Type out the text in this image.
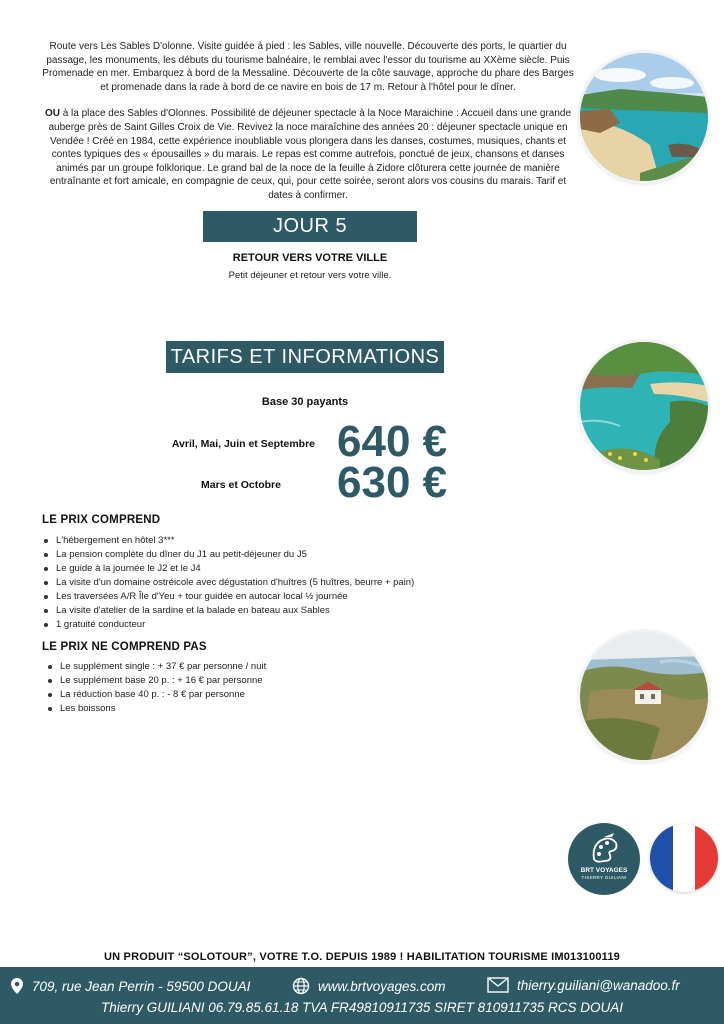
Route vers Les Sables D'olonne. Visite guidée à pied : les Sables, ville nouvelle. Découverte des ports, le quartier du passage, les monuments, les débuts du tourisme balnéaire, le remblai avec l'essor du tourisme au XXème siècle. Puis Promenade en mer. Embarquez à bord de la Messaline. Découverte de la côte sauvage, approche du phare des Barges et promenade dans la rade à bord de ce navire en bois de 17 m. Retour à l'hôtel pour le dîner.

OU à la place des Sables d'Olonnes. Possibilité de déjeuner spectacle à la Noce Maraichine : Accueil dans une grande auberge près de Saint Gilles Croix de Vie. Revivez la noce maraîchine des années 20 : déjeuner spectacle unique en Vendée ! Créé en 1984, cette expérience inoubliable vous plongera dans les danses, costumes, musiques, chants et contes typiques des « épousailles » du marais. Le repas est comme autrefois, ponctué de jeux, chansons et danses animés par un groupe folklorique. Le grand bal de la noce de la feuille à Zidore clôturera cette journée de manière entraînante et fort amicale, en compagnie de ceux, qui, pour cette soirée, seront alors vos cousins du marais. Tarif et dates à confirmer.

JOUR 5
RETOUR VERS VOTRE VILLE
Petit déjeuner et retour vers votre ville.
TARIFS ET INFORMATIONS
Base 30 payants
Avril, Mai, Juin et Septembre 640 €
Mars et Octobre 630 €
LE PRIX COMPREND
L'hébergement en hôtel 3***
La pension complète du dîner du J1 au petit-déjeuner du J5
Le guide à la journée le J2 et le J4
La visite d'un domaine ostréicole avec dégustation d'huîtres (5 huîtres, beurre + pain)
Les traversées A/R Île d'Yeu + tour guidée en autocar local ½ journée
La visite d'atelier de la sardine et la balade en bateau aux Sables
1 gratuité conducteur
LE PRIX NE COMPREND PAS
Le supplément single : + 37 € par personne / nuit
Le supplément base 20 p. : + 16 € par personne
La réduction base 40 p. : - 8 € par personne
Les boissons
BRT VOYAGES
THIERRY GUILIANI
UN PRODUIT “SOLOTOUR”, VOTRE T.O. DEPUIS 1989 ! HABILITATION TOURISME IM013100119
709, rue Jean Perrin - 59500 DOUAI	www.brtvoyages.com	thierry.guiliani@wanadoo.fr
Thierry GUILIANI 06.79.85.61.18 TVA FR49810911735 SIRET 810911735 RCS DOUAI
